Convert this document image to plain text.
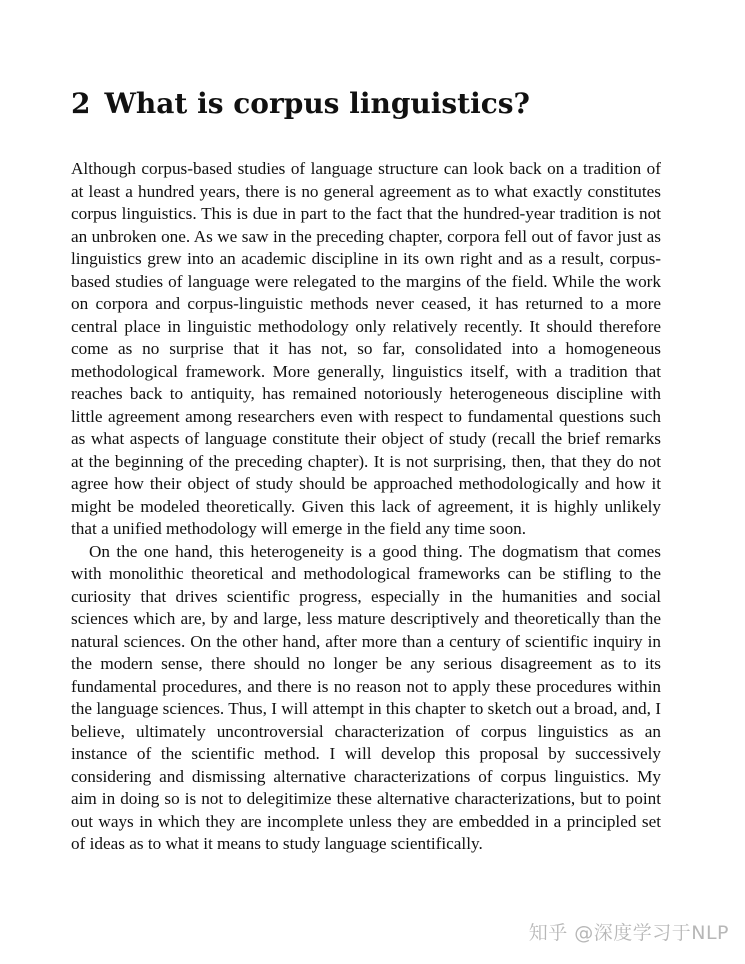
2 What is corpus linguistics?

Although corpus-based studies of language structure can look back on a tradition of at least a hundred years, there is no general agreement as to what exactly constitutes corpus linguistics. This is due in part to the fact that the hundred-year tradition is not an unbroken one. As we saw in the preceding chapter, corpora fell out of favor just as linguistics grew into an academic discipline in its own right and as a result, corpus-based studies of language were relegated to the margins of the field. While the work on corpora and corpus-linguistic methods never ceased, it has returned to a more central place in linguistic methodology only relatively recently. It should therefore come as no surprise that it has not, so far, consolidated into a homogeneous methodological framework. More generally, linguistics itself, with a tradition that reaches back to antiquity, has remained notoriously heterogeneous discipline with little agreement among researchers even with respect to fundamental questions such as what aspects of language constitute their object of study (recall the brief remarks at the beginning of the preceding chapter). It is not surprising, then, that they do not agree how their object of study should be approached methodologically and how it might be modeled theoretically. Given this lack of agreement, it is highly unlikely that a unified methodology will emerge in the field any time soon.

On the one hand, this heterogeneity is a good thing. The dogmatism that comes with monolithic theoretical and methodological frameworks can be stifling to the curiosity that drives scientific progress, especially in the humanities and social sciences which are, by and large, less mature descriptively and theoretically than the natural sciences. On the other hand, after more than a century of scientific inquiry in the modern sense, there should no longer be any serious disagreement as to its fundamental procedures, and there is no reason not to apply these procedures within the language sciences. Thus, I will attempt in this chapter to sketch out a broad, and, I believe, ultimately uncontroversial characterization of corpus linguistics as an instance of the scientific method. I will develop this proposal by successively considering and dismissing alternative characterizations of corpus linguistics. My aim in doing so is not to delegitimize these alternative characterizations, but to point out ways in which they are incomplete unless they are embedded in a principled set of ideas as to what it means to study language scientifically.

知乎 @深度学习于NLP
